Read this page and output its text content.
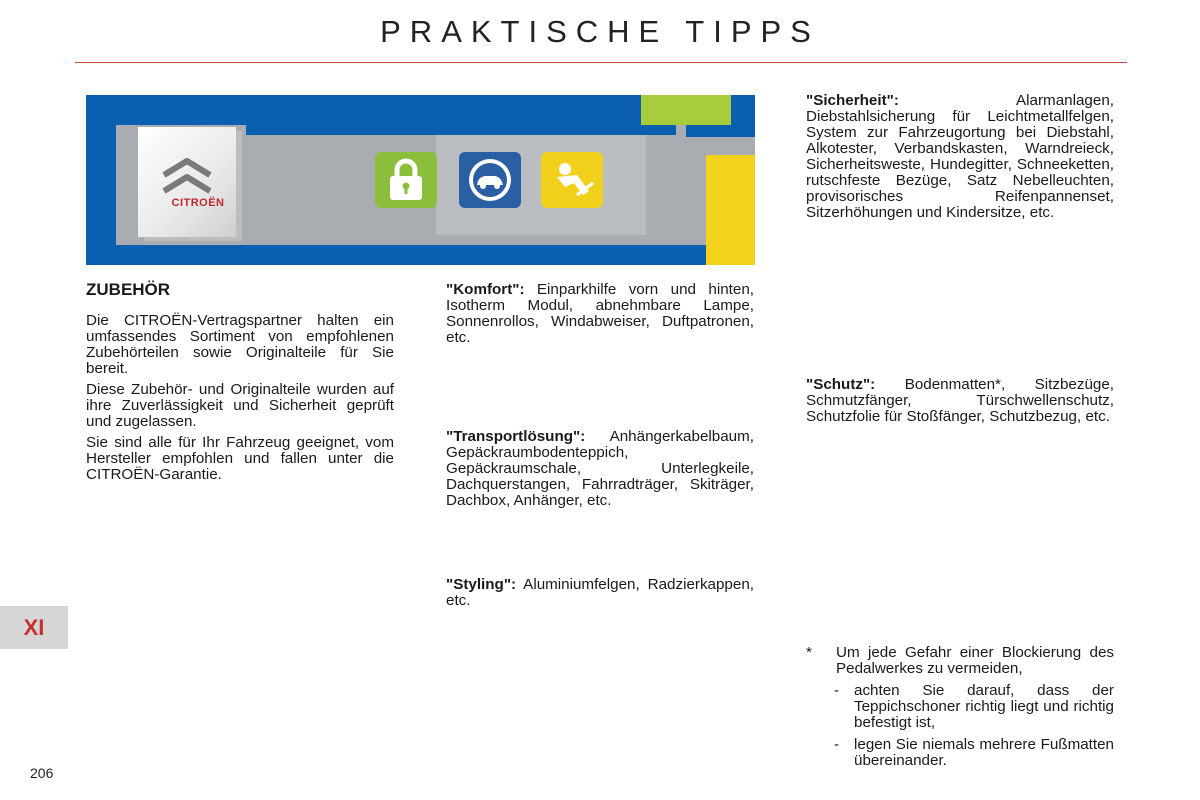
PRAKTISCHE TIPPS
CITROËN
ZUBEHÖR
Die CITROËN-Vertragspartner halten ein umfassendes Sortiment von empfohlenen Zubehörteilen sowie Originalteile für Sie bereit.
Diese Zubehör- und Originalteile wurden auf ihre Zuverlässigkeit und Sicherheit geprüft und zugelassen.
Sie sind alle für Ihr Fahrzeug geeignet, vom Hersteller empfohlen und fallen unter die CITROËN-Garantie.
"Komfort": Einparkhilfe vorn und hinten, Isotherm Modul, abnehmbare Lampe, Sonnenrollos, Windabweiser, Duftpatronen, etc.
"Transportlösung": Anhängerkabelbaum, Gepäckraumbodenteppich, Gepäckraumschale, Unterlegkeile, Dachquerstangen, Fahrradträger, Skiträger, Dachbox, Anhänger, etc.
"Styling": Aluminiumfelgen, Radzierkappen, etc.
"Sicherheit": Alarmanlagen, Diebstahlsicherung für Leichtmetallfelgen, System zur Fahrzeugortung bei Diebstahl, Alkotester, Verbandskasten, Warndreieck, Sicherheitsweste, Hundegitter, Schneeketten, rutschfeste Bezüge, Satz Nebelleuchten, provisorisches Reifenpannenset, Sitzerhöhungen und Kindersitze, etc.
"Schutz": Bodenmatten*, Sitzbezüge, Schmutzfänger, Türschwellenschutz, Schutzfolie für Stoßfänger, Schutzbezug, etc.
* Um jede Gefahr einer Blockierung des Pedalwerkes zu vermeiden,
- achten Sie darauf, dass der Teppichschoner richtig liegt und richtig befestigt ist,
- legen Sie niemals mehrere Fußmatten übereinander.
XI
206
